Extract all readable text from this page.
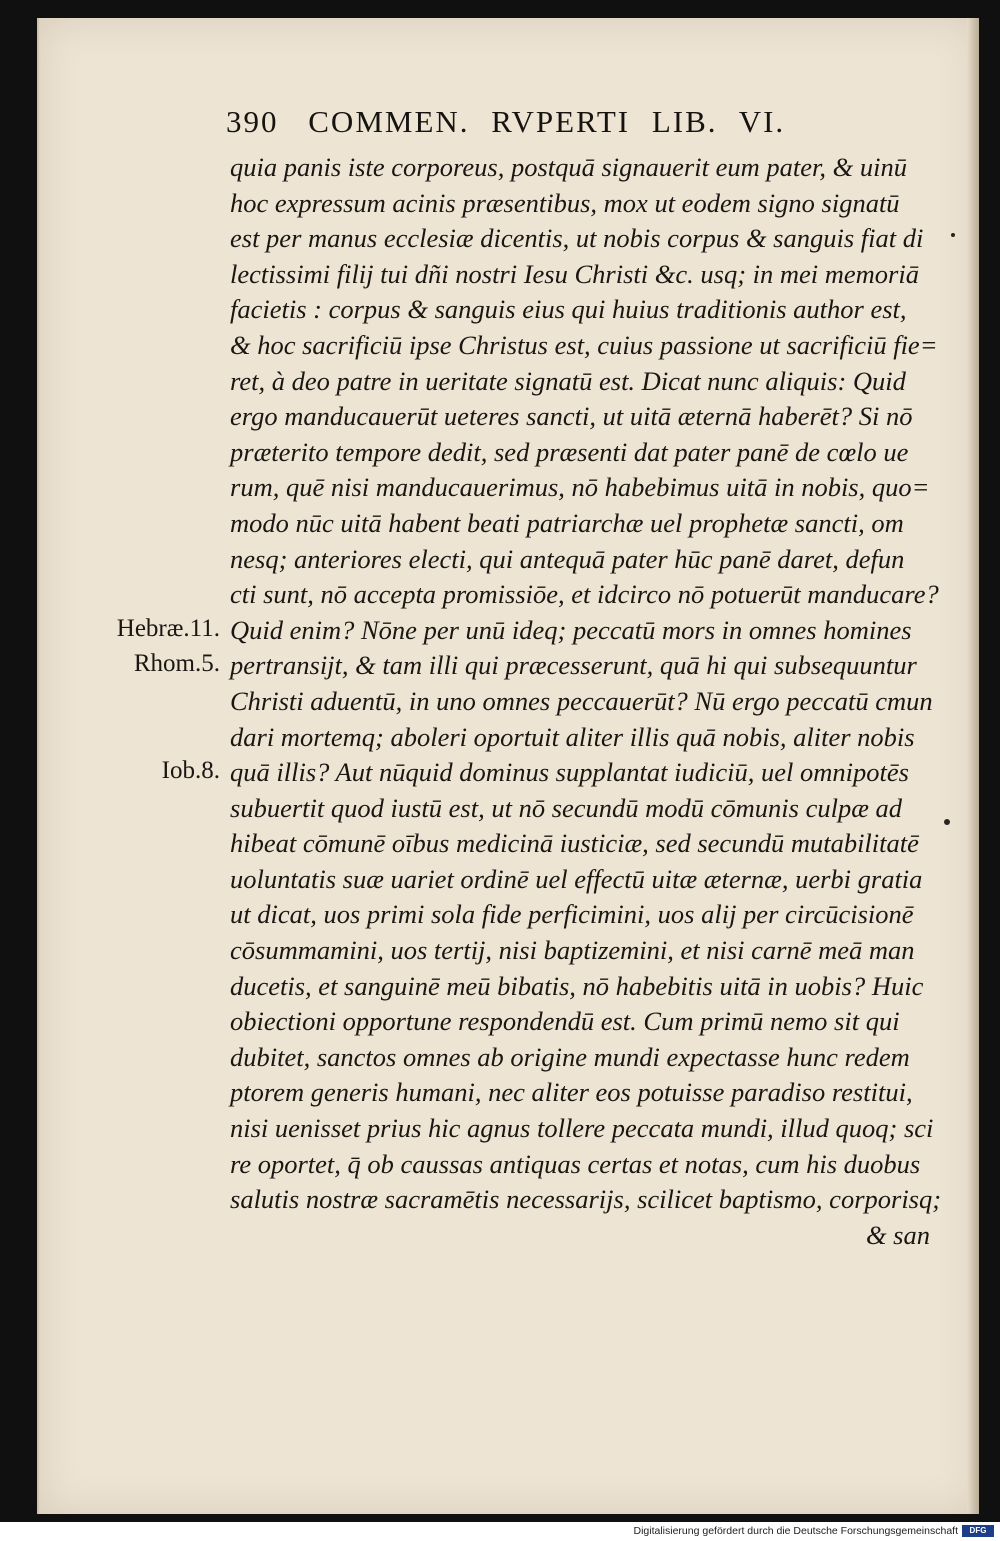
390 COMMEN. RVPERTI LIB. VI.
quia panis iste corporeus, postquā signauerit eum pater, & uinū
hoc expressum acinis præsentibus, mox ut eodem signo signatū
est per manus ecclesiæ dicentis, ut nobis corpus & sanguis fiat di
lectissimi filij tui dñi nostri Iesu Christi &c. usq; in mei memoriā
facietis : corpus & sanguis eius qui huius traditionis author est,
& hoc sacrificiū ipse Christus est, cuius passione ut sacrificiū fie=
ret, à deo patre in ueritate signatū est. Dicat nunc aliquis: Quid
ergo manducauerūt ueteres sancti, ut uitā æternā haberēt? Si nō
præterito tempore dedit, sed præsenti dat pater panē de cœlo ue
rum, quē nisi manducauerimus, nō habebimus uitā in nobis, quo=
modo nūc uitā habent beati patriarchæ uel prophetæ sancti, om
nesq; anteriores electi, qui antequā pater hūc panē daret, defun
cti sunt, nō accepta promissiōe, et idcirco nō potuerūt manducare?
Quid enim? Nōne per unū ideq; peccatū mors in omnes homines
pertransijt, & tam illi qui præcesserunt, quā hi qui subsequuntur
Christi aduentū, in uno omnes peccauerūt? Nū ergo peccatū cmun
dari mortemq; aboleri oportuit aliter illis quā nobis, aliter nobis
quā illis? Aut nūquid dominus supplantat iudiciū, uel omnipotēs
subuertit quod iustū est, ut nō secundū modū cōmunis culpæ ad
hibeat cōmunē oībus medicinā iusticiæ, sed secundū mutabilitatē
uoluntatis suæ uariet ordinē uel effectū uitæ æternæ, uerbi gratia
ut dicat, uos primi sola fide perficimini, uos alij per circūcisionē
cōsummamini, uos tertij, nisi baptizemini, et nisi carnē meā man
ducetis, et sanguinē meū bibatis, nō habebitis uitā in uobis? Huic
obiectioni opportune respondendū est. Cum primū nemo sit qui
dubitet, sanctos omnes ab origine mundi expectasse hunc redem
ptorem generis humani, nec aliter eos potuisse paradiso restitui,
nisi uenisset prius hic agnus tollere peccata mundi, illud quoq; sci
re oportet, q̄ ob caussas antiquas certas et notas, cum his duobus
salutis nostræ sacramētis necessarijs, scilicet baptismo, corporisq;
& san
Hebræ.11.
Rhom.5.
Iob.8.
Digitalisierung gefördert durch die Deutsche Forschungsgemeinschaft	DFG
